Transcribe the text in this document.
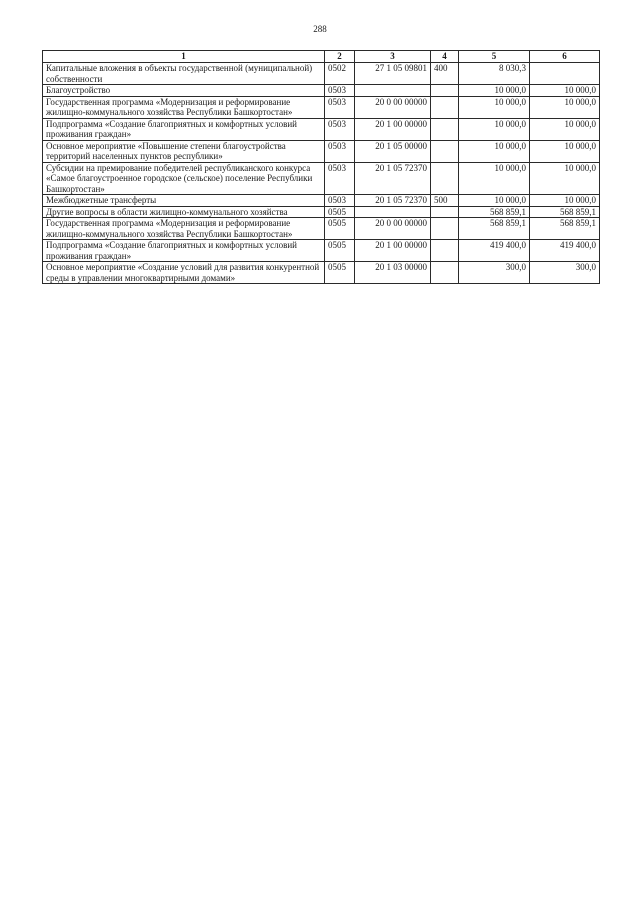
288
1	2	3	4	5	6
Капитальные вложения в объекты государственной (муниципальной) собственности	0502	27 1 05 09801	400	8 030,3	
Благоустройство	0503			10 000,0	10 000,0
Государственная программа «Модернизация и реформирование жилищно-коммунального хозяйства Республики Башкортостан»	0503	20 0 00 00000		10 000,0	10 000,0
Подпрограмма «Создание благоприятных и комфортных условий проживания граждан»	0503	20 1 00 00000		10 000,0	10 000,0
Основное мероприятие «Повышение степени благоустройства территорий населенных пунктов республики»	0503	20 1 05 00000		10 000,0	10 000,0
Субсидии на премирование победителей республиканского конкурса «Самое благоустроенное городское (сельское) поселение Республики Башкортостан»	0503	20 1 05 72370		10 000,0	10 000,0
Межбюджетные трансферты	0503	20 1 05 72370	500	10 000,0	10 000,0
Другие вопросы в области жилищно-коммунального хозяйства	0505			568 859,1	568 859,1
Государственная программа «Модернизация и реформирование жилищно-коммунального хозяйства Республики Башкортостан»	0505	20 0 00 00000		568 859,1	568 859,1
Подпрограмма «Создание благоприятных и комфортных условий проживания граждан»	0505	20 1 00 00000		419 400,0	419 400,0
Основное мероприятие «Создание условий для развития конкурентной среды в управлении многоквартирными домами»	0505	20 1 03 00000		300,0	300,0
